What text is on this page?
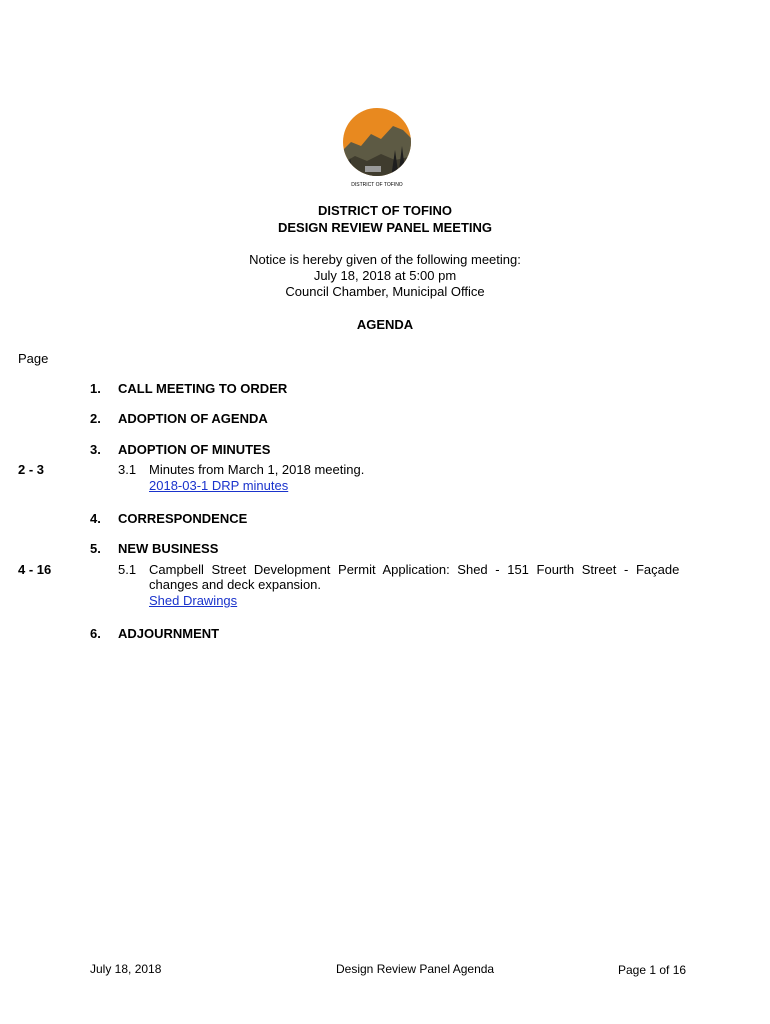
DISTRICT OF TOFINO
DISTRICT OF TOFINO
DESIGN REVIEW PANEL MEETING
Notice is hereby given of the following meeting:
July 18, 2018 at 5:00 pm
Council Chamber, Municipal Office
AGENDA
Page
1. CALL MEETING TO ORDER
2. ADOPTION OF AGENDA
3. ADOPTION OF MINUTES
2 - 3	3.1 Minutes from March 1, 2018 meeting.
2018-03-1 DRP minutes
4. CORRESPONDENCE
5. NEW BUSINESS
4 - 16	5.1 Campbell Street Development Permit Application: Shed - 151 Fourth Street - Façade
changes and deck expansion.
Shed Drawings
6. ADJOURNMENT
July 18, 2018	Design Review Panel Agenda	Page 1 of 16
